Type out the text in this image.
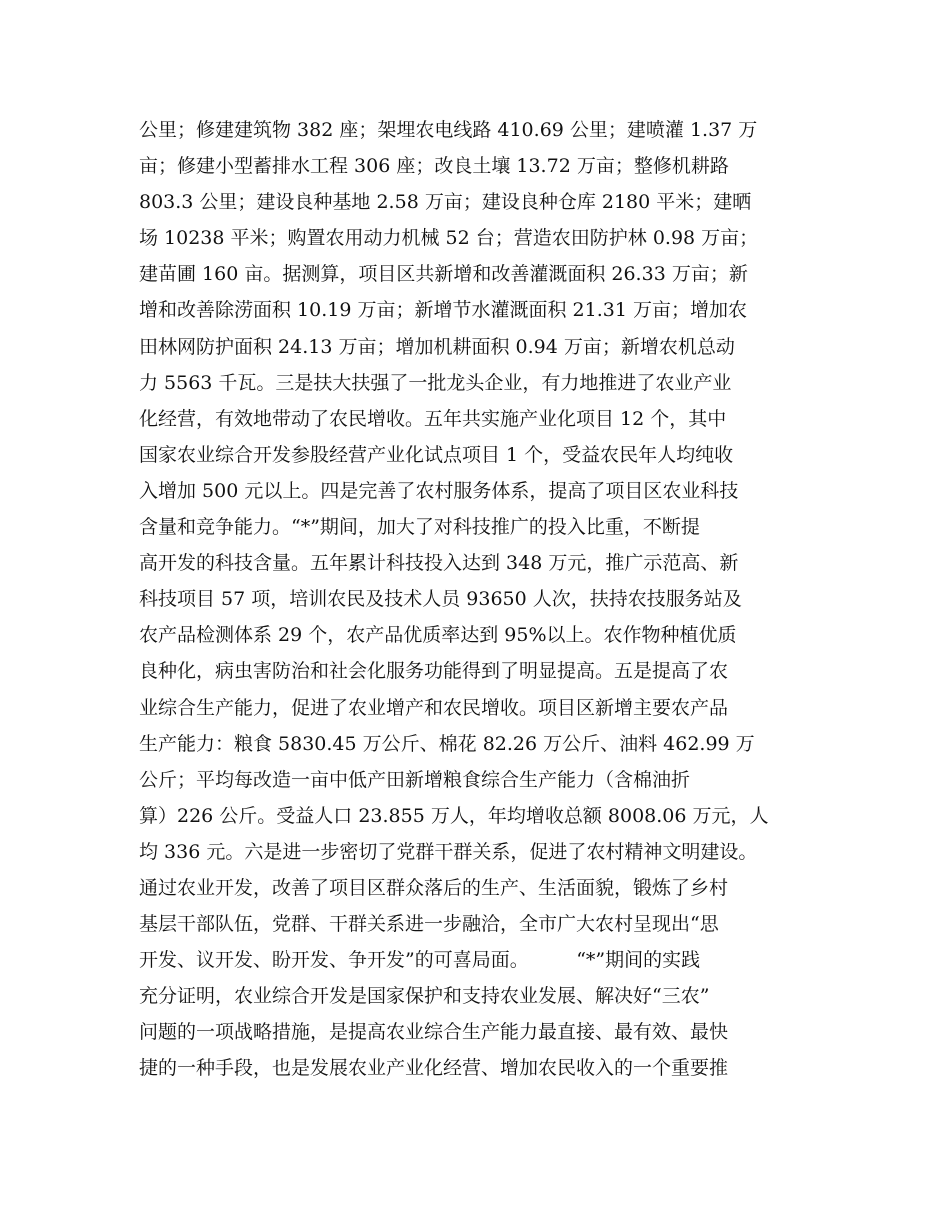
公里；修建建筑物 382 座；架埋农电线路 410.69 公里；建喷灌 1.37 万
亩；修建小型蓄排水工程 306 座；改良土壤 13.72 万亩；整修机耕路
803.3 公里；建设良种基地 2.58 万亩；建设良种仓库 2180 平米；建晒
场 10238 平米；购置农用动力机械 52 台；营造农田防护林 0.98 万亩；
建苗圃 160 亩。据测算，项目区共新增和改善灌溉面积 26.33 万亩；新
增和改善除涝面积 10.19 万亩；新增节水灌溉面积 21.31 万亩；增加农
田林网防护面积 24.13 万亩；增加机耕面积 0.94 万亩；新增农机总动
力 5563 千瓦。三是扶大扶强了一批龙头企业，有力地推进了农业产业
化经营，有效地带动了农民增收。五年共实施产业化项目 12 个，其中
国家农业综合开发参股经营产业化试点项目 1 个，受益农民年人均纯收
入增加 500 元以上。四是完善了农村服务体系，提高了项目区农业科技
含量和竞争能力。“*”期间，加大了对科技推广的投入比重，不断提
高开发的科技含量。五年累计科技投入达到 348 万元，推广示范高、新
科技项目 57 项，培训农民及技术人员 93650 人次，扶持农技服务站及
农产品检测体系 29 个，农产品优质率达到 95%以上。农作物种植优质
良种化，病虫害防治和社会化服务功能得到了明显提高。五是提高了农
业综合生产能力，促进了农业增产和农民增收。项目区新增主要农产品
生产能力：粮食 5830.45 万公斤、棉花 82.26 万公斤、油料 462.99 万
公斤；平均每改造一亩中低产田新增粮食综合生产能力（含棉油折
算）226 公斤。受益人口 23.855 万人，年均增收总额 8008.06 万元，人
均 336 元。六是进一步密切了党群干群关系，促进了农村精神文明建设。
通过农业开发，改善了项目区群众落后的生产、生活面貌，锻炼了乡村
基层干部队伍，党群、干群关系进一步融洽，全市广大农村呈现出“思
开发、议开发、盼开发、争开发”的可喜局面。　　　“*”期间的实践
充分证明，农业综合开发是国家保护和支持农业发展、解决好“三农”
问题的一项战略措施，是提高农业综合生产能力最直接、最有效、最快
捷的一种手段，也是发展农业产业化经营、增加农民收入的一个重要推
